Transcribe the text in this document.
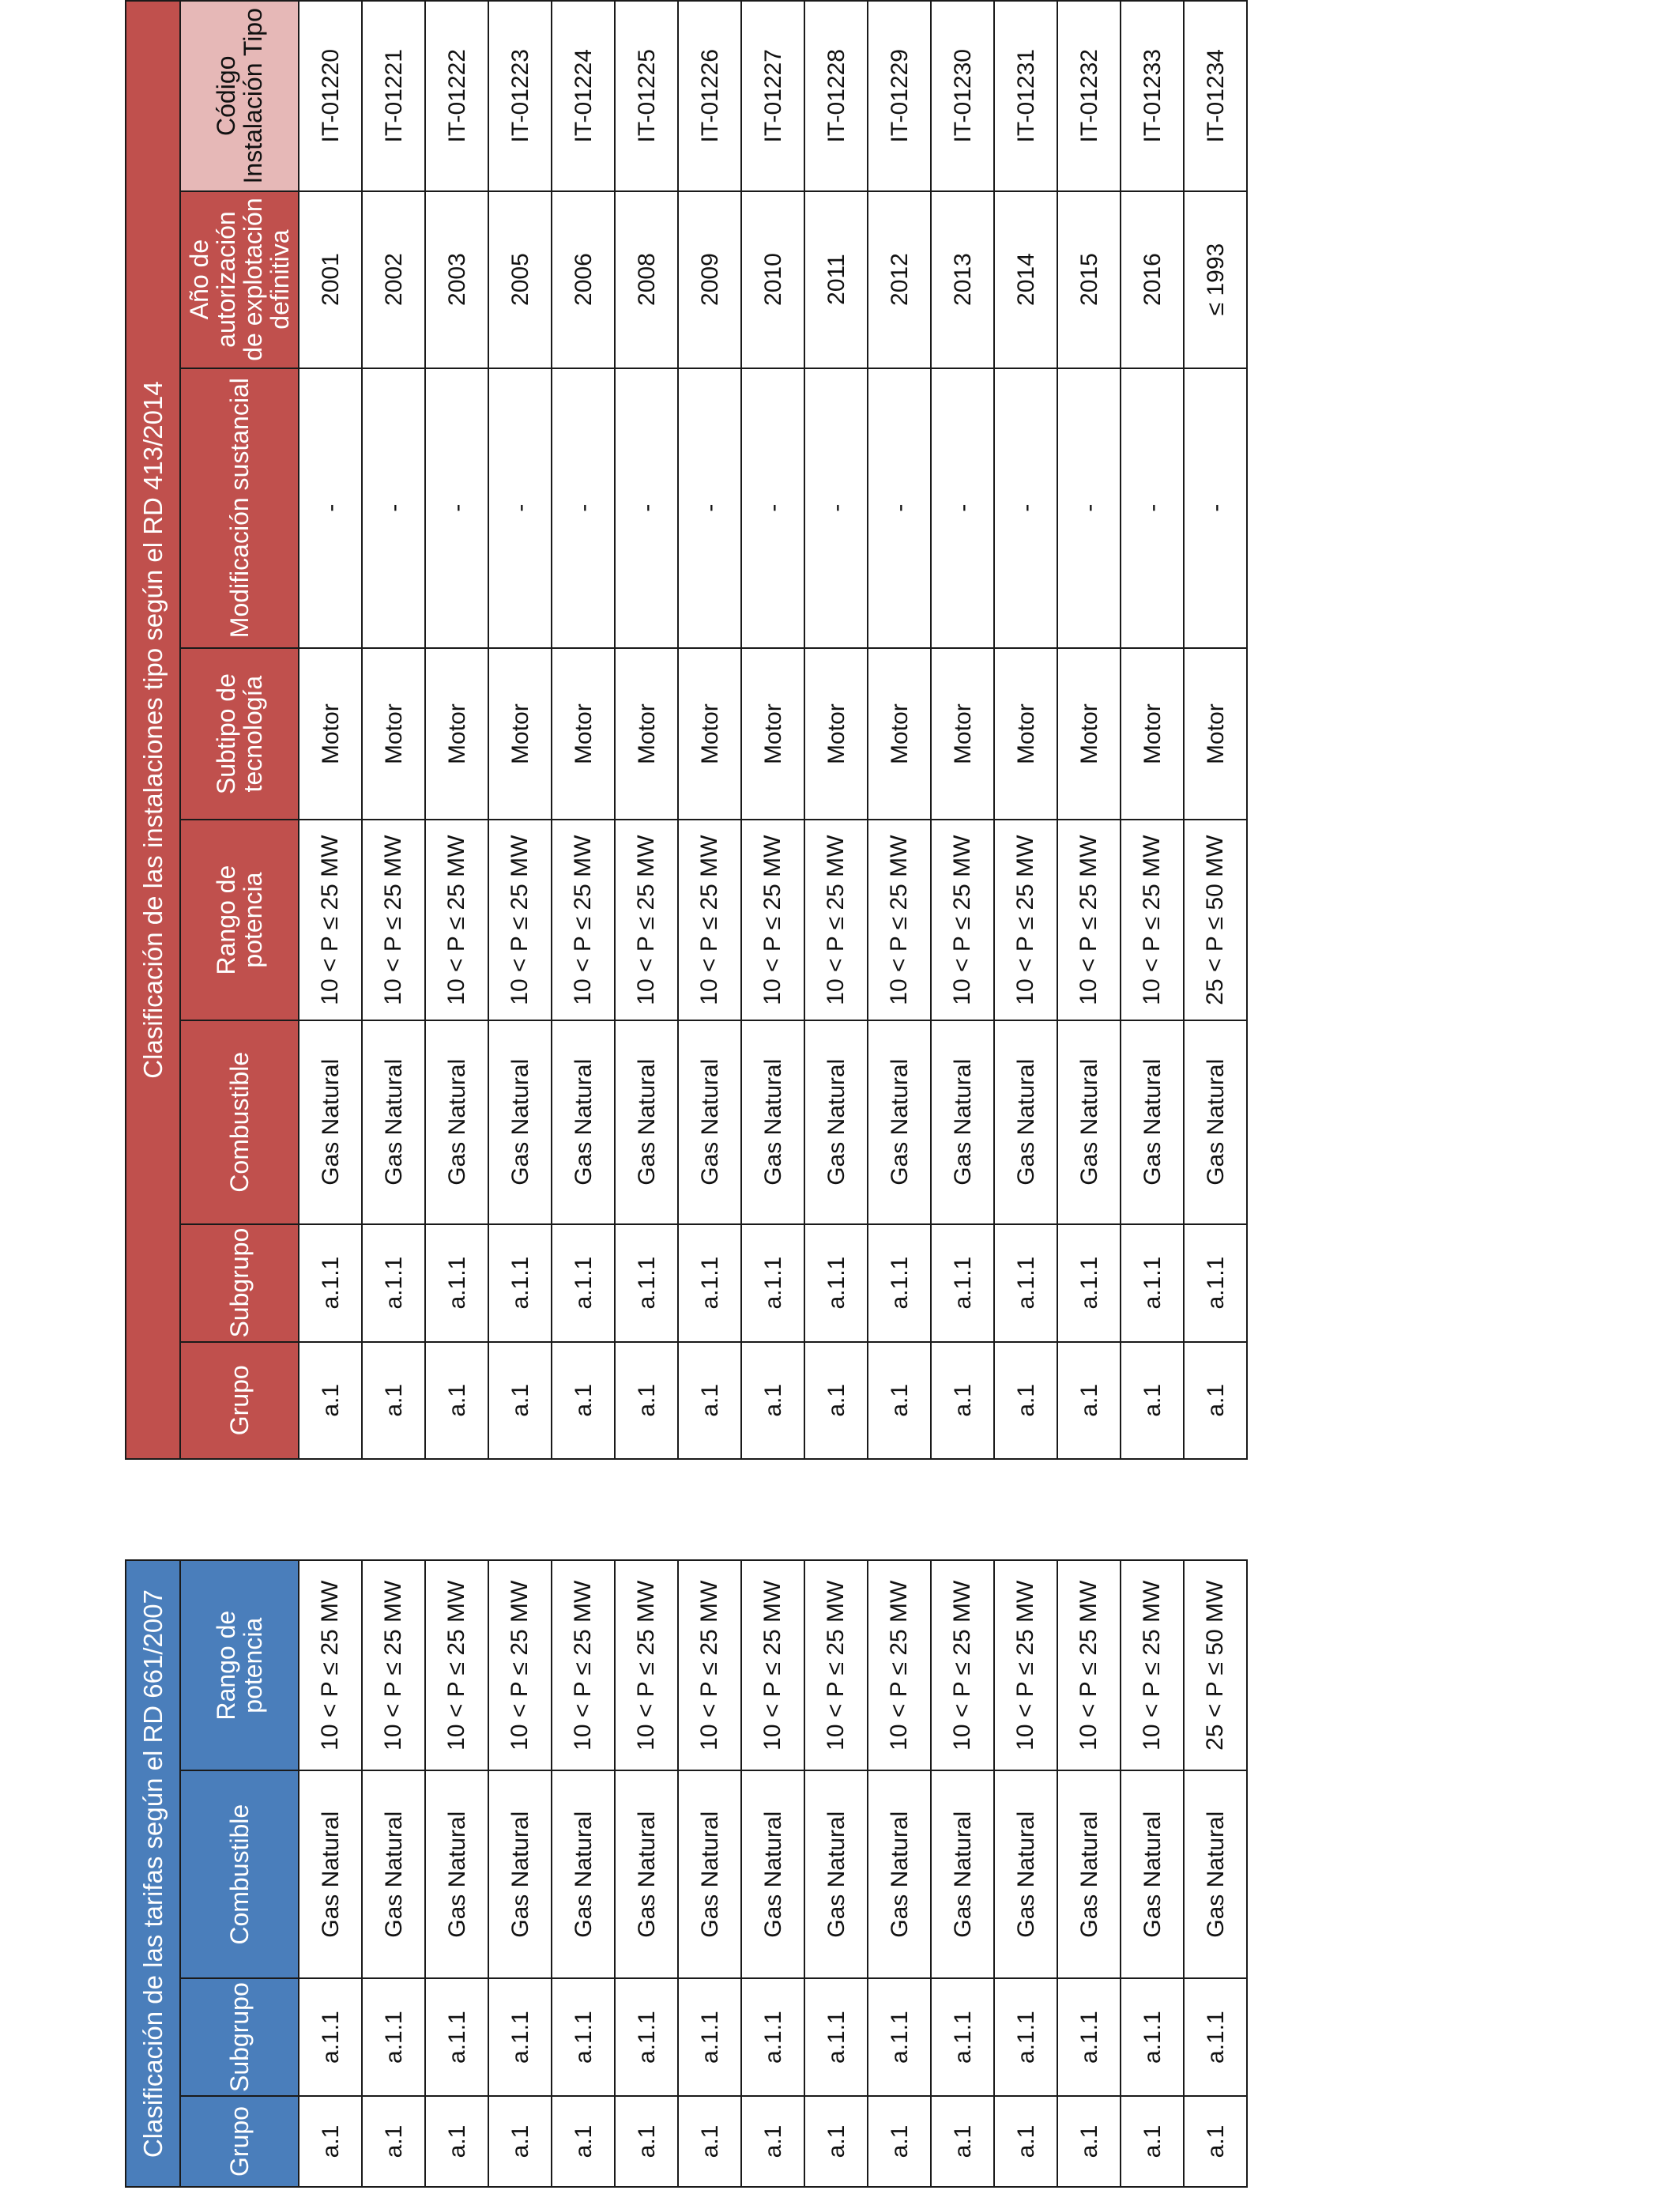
Clasificación de las tarifas según el RD 661/2007			
Grupo	Subgrupo	Combustible	Rango de potencia
a.1	a.1.1	Gas Natural	10 < P ≤ 25 MW
a.1	a.1.1	Gas Natural	10 < P ≤ 25 MW
a.1	a.1.1	Gas Natural	10 < P ≤ 25 MW
a.1	a.1.1	Gas Natural	10 < P ≤ 25 MW
a.1	a.1.1	Gas Natural	10 < P ≤ 25 MW
a.1	a.1.1	Gas Natural	10 < P ≤ 25 MW
a.1	a.1.1	Gas Natural	10 < P ≤ 25 MW
a.1	a.1.1	Gas Natural	10 < P ≤ 25 MW
a.1	a.1.1	Gas Natural	10 < P ≤ 25 MW
a.1	a.1.1	Gas Natural	10 < P ≤ 25 MW
a.1	a.1.1	Gas Natural	10 < P ≤ 25 MW
a.1	a.1.1	Gas Natural	10 < P ≤ 25 MW
a.1	a.1.1	Gas Natural	10 < P ≤ 25 MW
a.1	a.1.1	Gas Natural	10 < P ≤ 25 MW
a.1	a.1.1	Gas Natural	25 < P ≤ 50 MW
Clasificación de las instalaciones tipo según el RD 413/2014							
Grupo	Subgrupo	Combustible	Rango de potencia	Subtipo de tecnología	Modificación sustancial	Año de autorización de explotación definitiva	Código Instalación Tipo
a.1	a.1.1	Gas Natural	10 < P ≤ 25 MW	Motor	-	2001	IT-01220
a.1	a.1.1	Gas Natural	10 < P ≤ 25 MW	Motor	-	2002	IT-01221
a.1	a.1.1	Gas Natural	10 < P ≤ 25 MW	Motor	-	2003	IT-01222
a.1	a.1.1	Gas Natural	10 < P ≤ 25 MW	Motor	-	2005	IT-01223
a.1	a.1.1	Gas Natural	10 < P ≤ 25 MW	Motor	-	2006	IT-01224
a.1	a.1.1	Gas Natural	10 < P ≤ 25 MW	Motor	-	2008	IT-01225
a.1	a.1.1	Gas Natural	10 < P ≤ 25 MW	Motor	-	2009	IT-01226
a.1	a.1.1	Gas Natural	10 < P ≤ 25 MW	Motor	-	2010	IT-01227
a.1	a.1.1	Gas Natural	10 < P ≤ 25 MW	Motor	-	2011	IT-01228
a.1	a.1.1	Gas Natural	10 < P ≤ 25 MW	Motor	-	2012	IT-01229
a.1	a.1.1	Gas Natural	10 < P ≤ 25 MW	Motor	-	2013	IT-01230
a.1	a.1.1	Gas Natural	10 < P ≤ 25 MW	Motor	-	2014	IT-01231
a.1	a.1.1	Gas Natural	10 < P ≤ 25 MW	Motor	-	2015	IT-01232
a.1	a.1.1	Gas Natural	10 < P ≤ 25 MW	Motor	-	2016	IT-01233
a.1	a.1.1	Gas Natural	25 < P ≤ 50 MW	Motor	-	≤ 1993	IT-01234
